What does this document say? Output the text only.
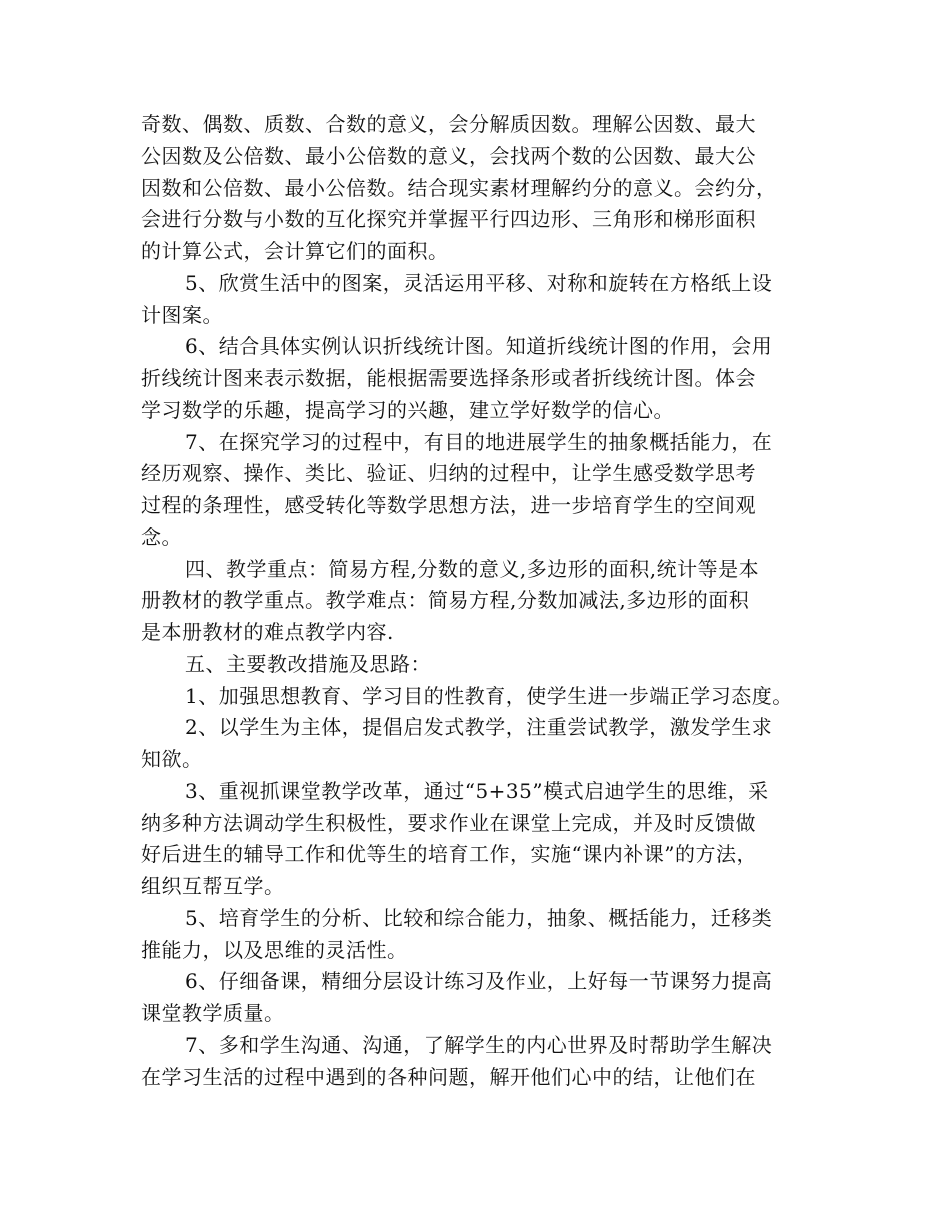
奇数、偶数、质数、合数的意义，会分解质因数。理解公因数、最大
公因数及公倍数、最小公倍数的意义，会找两个数的公因数、最大公
因数和公倍数、最小公倍数。结合现实素材理解约分的意义。会约分，
会进行分数与小数的互化探究并掌握平行四边形、三角形和梯形面积
的计算公式，会计算它们的面积。
5、欣赏生活中的图案，灵活运用平移、对称和旋转在方格纸上设
计图案。
6、结合具体实例认识折线统计图。知道折线统计图的作用，会用
折线统计图来表示数据，能根据需要选择条形或者折线统计图。体会
学习数学的乐趣，提高学习的兴趣，建立学好数学的信心。
7、在探究学习的过程中，有目的地进展学生的抽象概括能力，在
经历观察、操作、类比、验证、归纳的过程中，让学生感受数学思考
过程的条理性，感受转化等数学思想方法，进一步培育学生的空间观
念。
四、教学重点：简易方程,分数的意义,多边形的面积,统计等是本
册教材的教学重点。教学难点：简易方程,分数加减法,多边形的面积
是本册教材的难点教学内容.
五、主要教改措施及思路：
1、加强思想教育、学习目的性教育，使学生进一步端正学习态度。
2、以学生为主体，提倡启发式教学，注重尝试教学，激发学生求
知欲。
3、重视抓课堂教学改革，通过“5+35”模式启迪学生的思维，采
纳多种方法调动学生积极性，要求作业在课堂上完成，并及时反馈做
好后进生的辅导工作和优等生的培育工作，实施“课内补课”的方法，
组织互帮互学。
5、培育学生的分析、比较和综合能力，抽象、概括能力，迁移类
推能力，以及思维的灵活性。
6、仔细备课，精细分层设计练习及作业，上好每一节课努力提高
课堂教学质量。
7、多和学生沟通、沟通，了解学生的内心世界及时帮助学生解决
在学习生活的过程中遇到的各种问题，解开他们心中的结，让他们在
